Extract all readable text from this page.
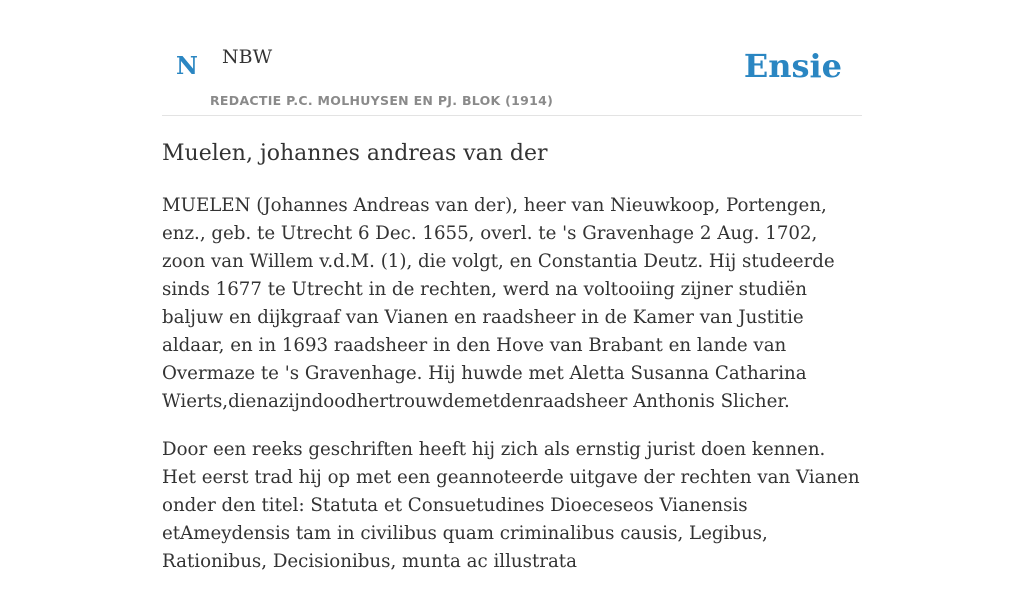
N NBW
REDACTIE P.C. MOLHUYSEN EN PJ. BLOK (1914)
Ensie
Muelen, johannes andreas van der

MUELEN (Johannes Andreas van der), heer van Nieuwkoop, Portengen, enz., geb. te Utrecht 6 Dec. 1655, overl. te 's Gravenhage 2 Aug. 1702, zoon van Willem v.d.M. (1), die volgt, en Constantia Deutz. Hij studeerde sinds 1677 te Utrecht in de rechten, werd na voltooiing zijner studiën baljuw en dijkgraaf van Vianen en raadsheer in de Kamer van Justitie aldaar, en in 1693 raadsheer in den Hove van Brabant en lande van Overmaze te 's Gravenhage. Hij huwde met Aletta Susanna Catharina Wierts,dienazijndoodhertrouwdemetdenraadsheer Anthonis Slicher.

Door een reeks geschriften heeft hij zich als ernstig jurist doen kennen. Het eerst trad hij op met een geannoteerde uitgave der rechten van Vianen onder den titel: Statuta et Consuetudines Dioeceseos Vianensis etAmeydensis tam in civilibus quam criminalibus causis, Legibus, Rationibus, Decisionibus, munta ac illustrata
